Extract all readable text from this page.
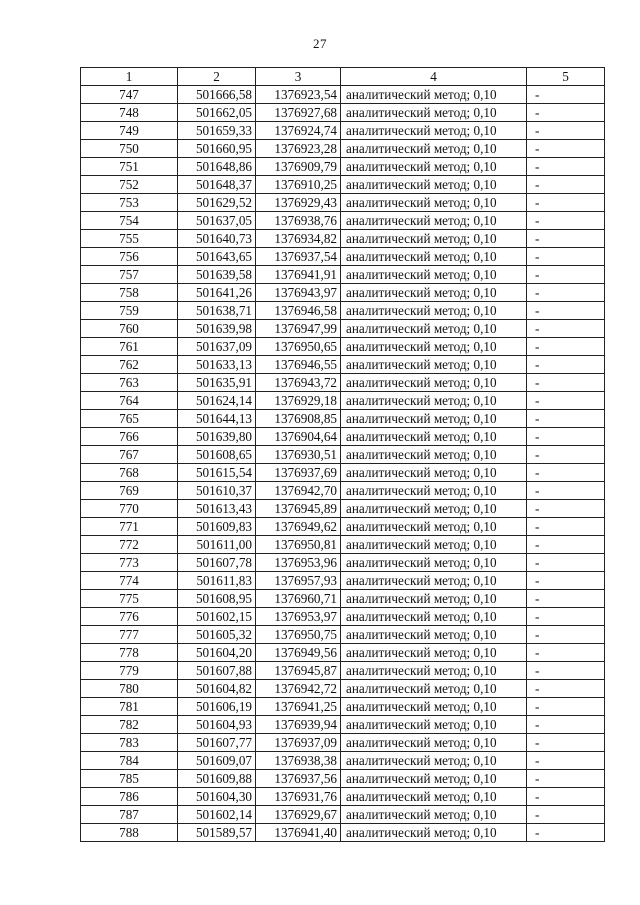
27
1	2	3	4	5
747	501666,58	1376923,54	аналитический метод; 0,10	-
748	501662,05	1376927,68	аналитический метод; 0,10	-
749	501659,33	1376924,74	аналитический метод; 0,10	-
750	501660,95	1376923,28	аналитический метод; 0,10	-
751	501648,86	1376909,79	аналитический метод; 0,10	-
752	501648,37	1376910,25	аналитический метод; 0,10	-
753	501629,52	1376929,43	аналитический метод; 0,10	-
754	501637,05	1376938,76	аналитический метод; 0,10	-
755	501640,73	1376934,82	аналитический метод; 0,10	-
756	501643,65	1376937,54	аналитический метод; 0,10	-
757	501639,58	1376941,91	аналитический метод; 0,10	-
758	501641,26	1376943,97	аналитический метод; 0,10	-
759	501638,71	1376946,58	аналитический метод; 0,10	-
760	501639,98	1376947,99	аналитический метод; 0,10	-
761	501637,09	1376950,65	аналитический метод; 0,10	-
762	501633,13	1376946,55	аналитический метод; 0,10	-
763	501635,91	1376943,72	аналитический метод; 0,10	-
764	501624,14	1376929,18	аналитический метод; 0,10	-
765	501644,13	1376908,85	аналитический метод; 0,10	-
766	501639,80	1376904,64	аналитический метод; 0,10	-
767	501608,65	1376930,51	аналитический метод; 0,10	-
768	501615,54	1376937,69	аналитический метод; 0,10	-
769	501610,37	1376942,70	аналитический метод; 0,10	-
770	501613,43	1376945,89	аналитический метод; 0,10	-
771	501609,83	1376949,62	аналитический метод; 0,10	-
772	501611,00	1376950,81	аналитический метод; 0,10	-
773	501607,78	1376953,96	аналитический метод; 0,10	-
774	501611,83	1376957,93	аналитический метод; 0,10	-
775	501608,95	1376960,71	аналитический метод; 0,10	-
776	501602,15	1376953,97	аналитический метод; 0,10	-
777	501605,32	1376950,75	аналитический метод; 0,10	-
778	501604,20	1376949,56	аналитический метод; 0,10	-
779	501607,88	1376945,87	аналитический метод; 0,10	-
780	501604,82	1376942,72	аналитический метод; 0,10	-
781	501606,19	1376941,25	аналитический метод; 0,10	-
782	501604,93	1376939,94	аналитический метод; 0,10	-
783	501607,77	1376937,09	аналитический метод; 0,10	-
784	501609,07	1376938,38	аналитический метод; 0,10	-
785	501609,88	1376937,56	аналитический метод; 0,10	-
786	501604,30	1376931,76	аналитический метод; 0,10	-
787	501602,14	1376929,67	аналитический метод; 0,10	-
788	501589,57	1376941,40	аналитический метод; 0,10	-
